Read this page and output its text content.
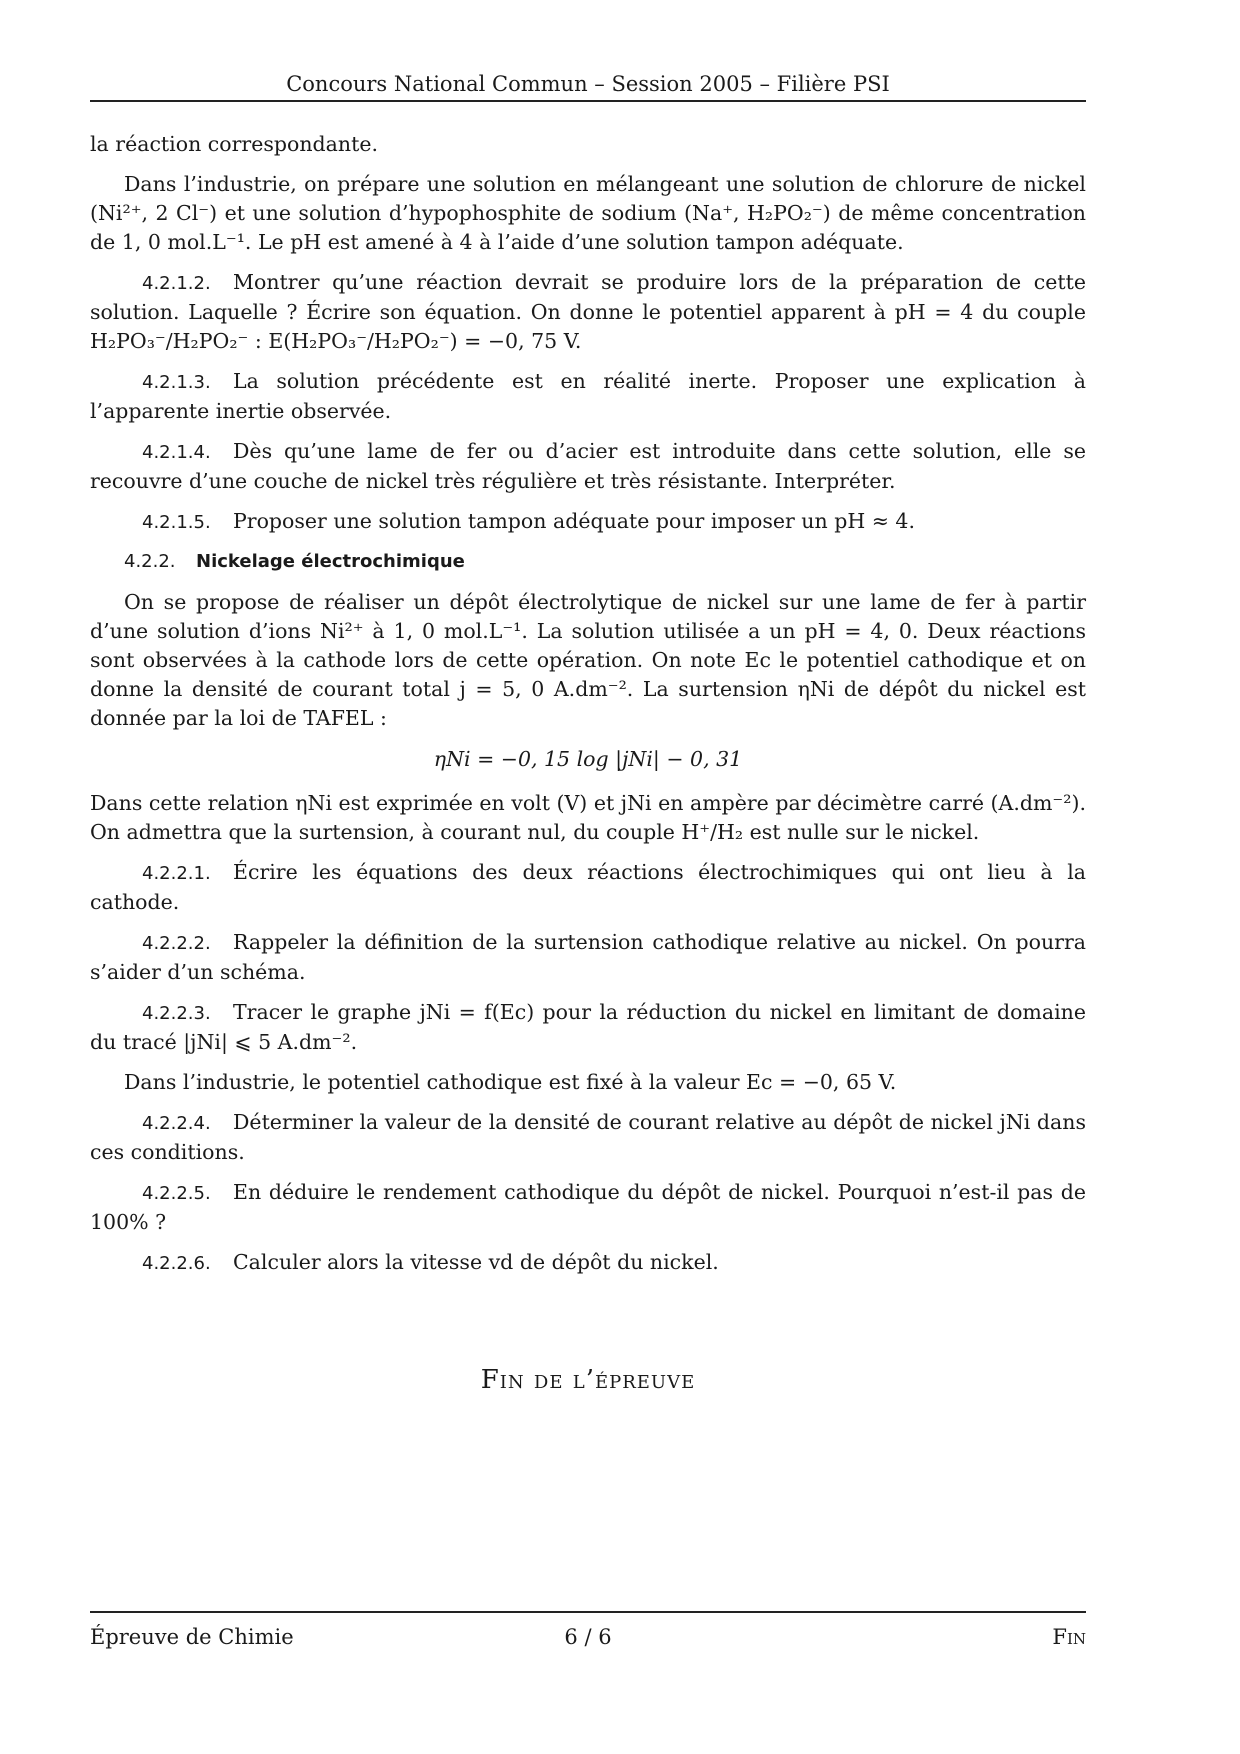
Concours National Commun – Session 2005 – Filière PSI

la réaction correspondante.

Dans l’industrie, on prépare une solution en mélangeant une solution de chlorure de nickel (Ni²⁺, 2 Cl⁻) et une solution d’hypophosphite de sodium (Na⁺, H₂PO₂⁻) de même concentration de 1, 0 mol.L⁻¹. Le pH est amené à 4 à l’aide d’une solution tampon adéquate.

4.2.1.2. Montrer qu’une réaction devrait se produire lors de la préparation de cette solution. Laquelle ? Écrire son équation. On donne le potentiel apparent à pH = 4 du couple H₂PO₃⁻/H₂PO₂⁻ : E(H₂PO₃⁻/H₂PO₂⁻) = −0, 75 V.

4.2.1.3. La solution précédente est en réalité inerte. Proposer une explication à l’apparente inertie observée.

4.2.1.4. Dès qu’une lame de fer ou d’acier est introduite dans cette solution, elle se recouvre d’une couche de nickel très régulière et très résistante. Interpréter.

4.2.1.5. Proposer une solution tampon adéquate pour imposer un pH ≈ 4.

4.2.2. Nickelage électrochimique

On se propose de réaliser un dépôt électrolytique de nickel sur une lame de fer à partir d’une solution d’ions Ni²⁺ à 1, 0 mol.L⁻¹. La solution utilisée a un pH = 4, 0. Deux réactions sont observées à la cathode lors de cette opération. On note Ec le potentiel cathodique et on donne la densité de courant total j = 5, 0 A.dm⁻². La surtension ηNi de dépôt du nickel est donnée par la loi de TAFEL :

ηNi = −0, 15 log |jNi| − 0, 31

Dans cette relation ηNi est exprimée en volt (V) et jNi en ampère par décimètre carré (A.dm⁻²). On admettra que la surtension, à courant nul, du couple H⁺/H₂ est nulle sur le nickel.

4.2.2.1. Écrire les équations des deux réactions électrochimiques qui ont lieu à la cathode.

4.2.2.2. Rappeler la définition de la surtension cathodique relative au nickel. On pourra s’aider d’un schéma.

4.2.2.3. Tracer le graphe jNi = f(Ec) pour la réduction du nickel en limitant de domaine du tracé |jNi| ⩽ 5 A.dm⁻².

Dans l’industrie, le potentiel cathodique est fixé à la valeur Ec = −0, 65 V.

4.2.2.4. Déterminer la valeur de la densité de courant relative au dépôt de nickel jNi dans ces conditions.

4.2.2.5. En déduire le rendement cathodique du dépôt de nickel. Pourquoi n’est-il pas de 100% ?

4.2.2.6. Calculer alors la vitesse vd de dépôt du nickel.

Fin de l’épreuve
Épreuve de Chimie	6 / 6	Fin
